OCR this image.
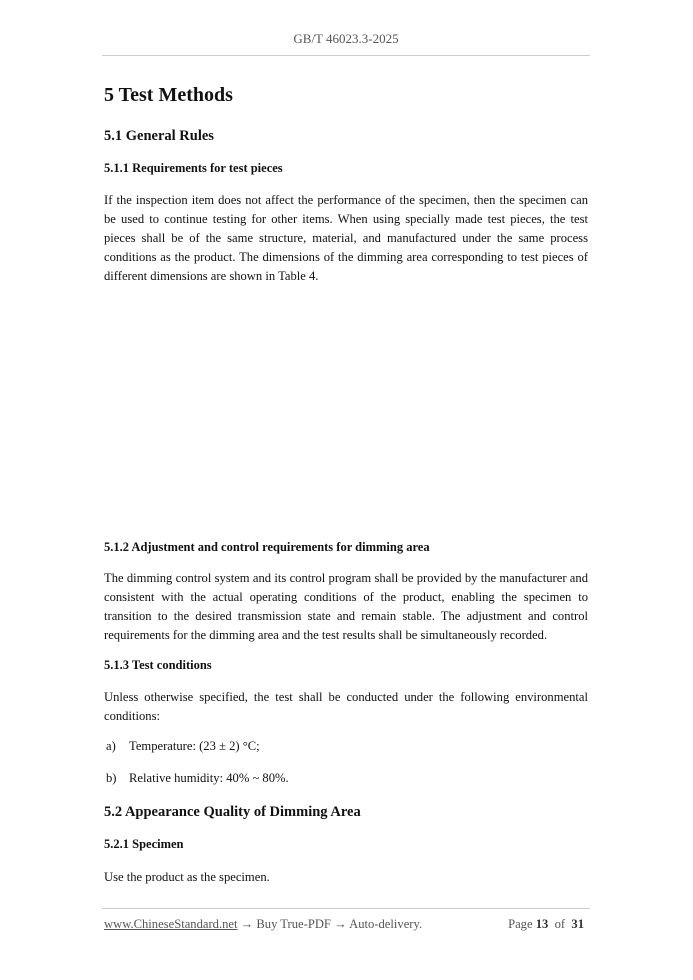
GB/T 46023.3-2025
5 Test Methods
5.1 General Rules
5.1.1 Requirements for test pieces
If the inspection item does not affect the performance of the specimen, then the specimen can be used to continue testing for other items. When using specially made test pieces, the test pieces shall be of the same structure, material, and manufactured under the same process conditions as the product. The dimensions of the dimming area corresponding to test pieces of different dimensions are shown in Table 4.
5.1.2 Adjustment and control requirements for dimming area
The dimming control system and its control program shall be provided by the manufacturer and consistent with the actual operating conditions of the product, enabling the specimen to transition to the desired transmission state and remain stable. The adjustment and control requirements for the dimming area and the test results shall be simultaneously recorded.
5.1.3 Test conditions
Unless otherwise specified, the test shall be conducted under the following environmental conditions:
a) Temperature: (23 ± 2) °C;
b) Relative humidity: 40% ~ 80%.
5.2 Appearance Quality of Dimming Area
5.2.1 Specimen
Use the product as the specimen.
www.ChineseStandard.net → Buy True-PDF → Auto-delivery.	Page 13 of 31
